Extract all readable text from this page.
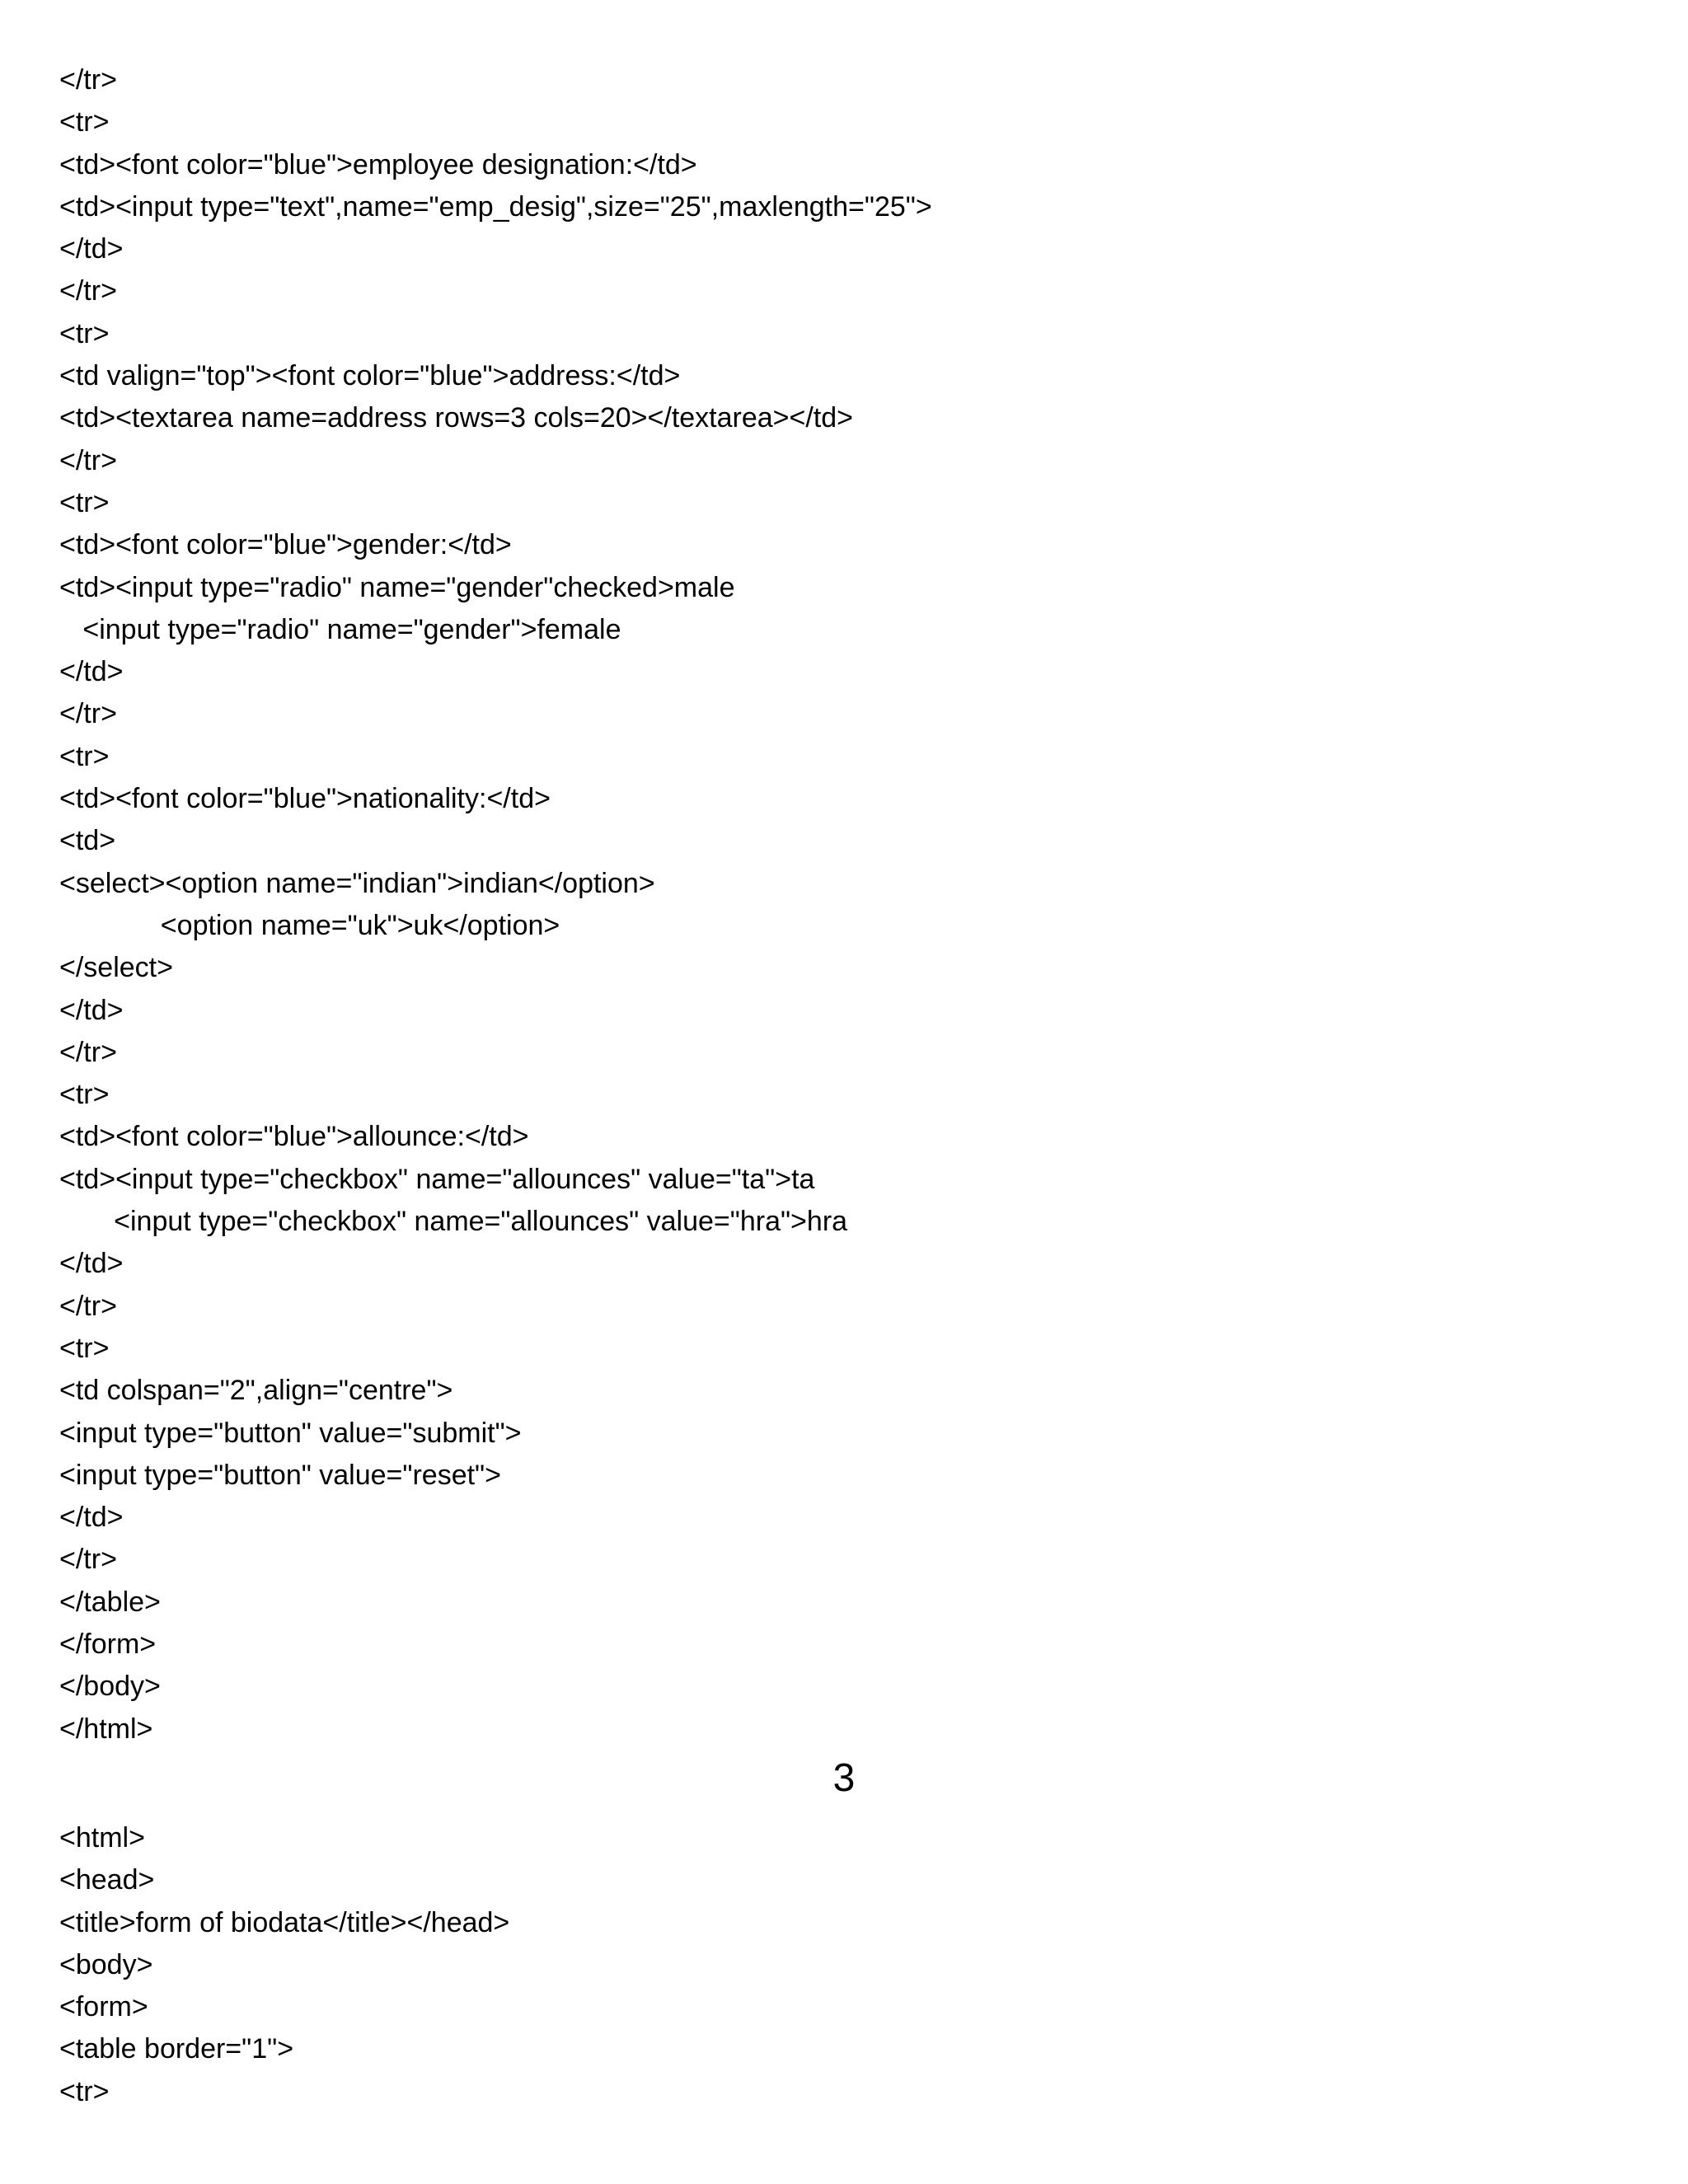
</tr>
<tr>
<td><font color="blue">employee designation:</td>
<td><input type="text",name="emp_desig",size="25",maxlength="25">
</td>
</tr>
<tr>
<td valign="top"><font color="blue">address:</td>
<td><textarea name=address rows=3 cols=20></textarea></td>
</tr>
<tr>
<td><font color="blue">gender:</td>
<td><input type="radio" name="gender"checked>male
<input type="radio" name="gender">female
</td>
</tr>
<tr>
<td><font color="blue">nationality:</td>
<td>
<select><option name="indian">indian</option>
<option name="uk">uk</option>
</select>
</td>
</tr>
<tr>
<td><font color="blue">allounce:</td>
<td><input type="checkbox" name="allounces" value="ta">ta
<input type="checkbox" name="allounces" value="hra">hra
</td>
</tr>
<tr>
<td colspan="2",align="centre">
<input type="button" value="submit">
<input type="button" value="reset">
</td>
</tr>
</table>
</form>
</body>
</html>
3
<html>
<head>
<title>form of biodata</title></head>
<body>
<form>
<table border="1">
<tr>
